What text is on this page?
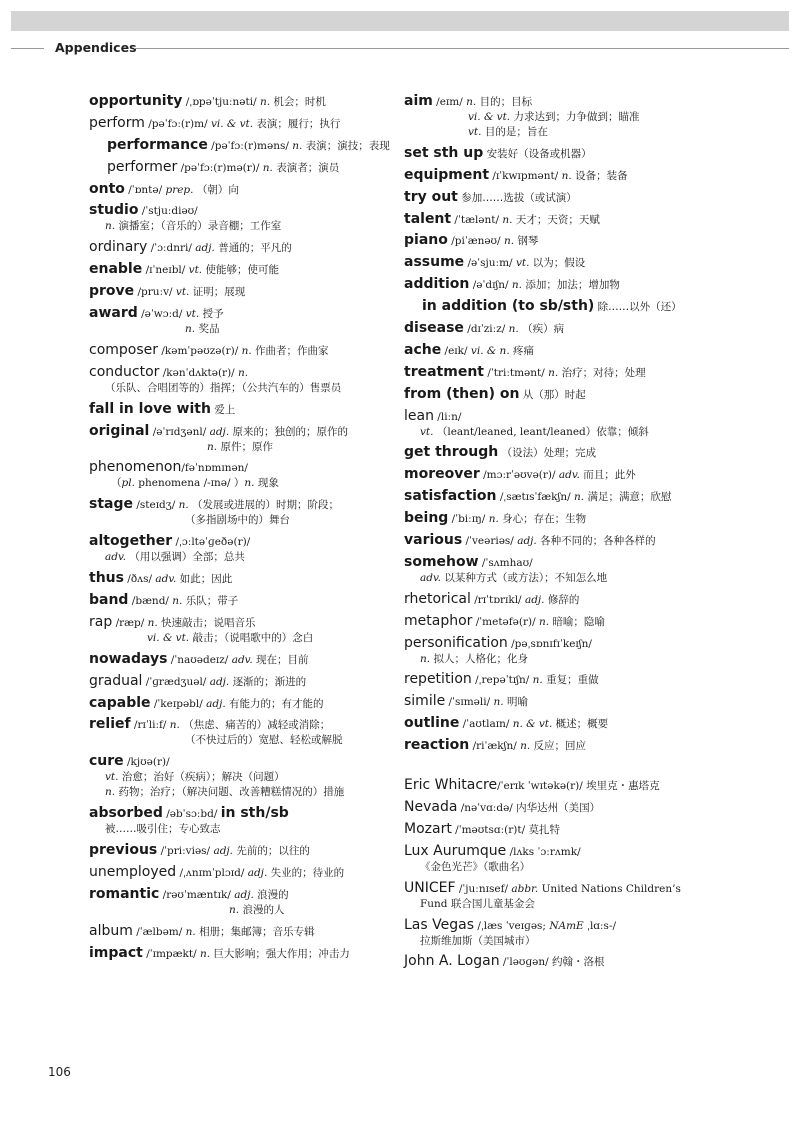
Appendices
opportunity /ˌɒpəˈtjuːnəti/ n. 机会；时机
perform /pəˈfɔː(r)m/ vi. & vt. 表演；履行；执行
performance /pəˈfɔː(r)məns/ n. 表演；演技；表现
performer /pəˈfɔː(r)mə(r)/ n. 表演者；演员
onto /ˈɒntə/ prep. （朝）向
studio /ˈstjuːdiəʊ/
n. 演播室；（音乐的）录音棚；工作室
ordinary /ˈɔːdnri/ adj. 普通的；平凡的
enable /ɪˈneɪbl/ vt. 使能够；使可能
prove /pruːv/ vt. 证明；展现
award /əˈwɔːd/ vt. 授予
n. 奖品
composer /kəmˈpəʊzə(r)/ n. 作曲者；作曲家
conductor /kənˈdʌktə(r)/ n.
（乐队、合唱团等的）指挥；（公共汽车的）售票员
fall in love with 爱上
original /əˈrɪdʒənl/ adj. 原来的；独创的；原作的
n. 原件；原作
phenomenon/fəˈnɒmɪnən/
（pl. phenomena /-ɪnə/ ）n. 现象
stage /steɪdʒ/ n. （发展或进展的）时期；阶段；
（多指剧场中的）舞台
altogether /ˌɔːltəˈɡeðə(r)/
adv. （用以强调）全部；总共
thus /ðʌs/ adv. 如此；因此
band /bænd/ n. 乐队；带子
rap /ræp/ n. 快速敲击；说唱音乐
vi. & vt. 敲击；（说唱歌中的）念白
nowadays /ˈnaʊədeɪz/ adv. 现在；目前
gradual /ˈɡrædʒuəl/ adj. 逐渐的；渐进的
capable /ˈkeɪpəbl/ adj. 有能力的；有才能的
relief /rɪˈliːf/ n. （焦虑、痛苦的）减轻或消除；
（不快过后的）宽慰、轻松或解脱
cure /kjʊə(r)/
vt. 治愈；治好（疾病）；解决（问题）
n. 药物；治疗；（解决问题、改善糟糕情况的）措施
absorbed /əbˈsɔːbd/ in sth/sb
被……吸引住；专心致志
previous /ˈpriːviəs/ adj. 先前的；以往的
unemployed /ˌʌnɪmˈplɔɪd/ adj. 失业的；待业的
romantic /rəʊˈmæntɪk/ adj. 浪漫的
n. 浪漫的人
album /ˈælbəm/ n. 相册；集邮簿；音乐专辑
impact /ˈɪmpækt/ n. 巨大影响；强大作用；冲击力
aim /eɪm/ n. 目的；目标
vi. & vt. 力求达到；力争做到；瞄准
vt. 目的是；旨在
set sth up 安装好（设备或机器）
equipment /ɪˈkwɪpmənt/ n. 设备；装备
try out 参加……选拔（或试演）
talent /ˈtælənt/ n. 天才；天资；天赋
piano /piˈænəʊ/ n. 钢琴
assume /əˈsjuːm/ vt. 以为；假设
addition /əˈdɪʃn/ n. 添加；加法；增加物
in addition (to sb/sth) 除……以外（还）
disease /dɪˈziːz/ n. （疾）病
ache /eɪk/ vi. & n. 疼痛
treatment /ˈtriːtmənt/ n. 治疗；对待；处理
from (then) on 从（那）时起
lean /liːn/
vt. （leant/leaned, leant/leaned）依靠；倾斜
get through （设法）处理；完成
moreover /mɔːrˈəʊvə(r)/ adv. 而且；此外
satisfaction /ˌsætɪsˈfækʃn/ n. 满足；满意；欣慰
being /ˈbiːɪŋ/ n. 身心；存在；生物
various /ˈveəriəs/ adj. 各种不同的；各种各样的
somehow /ˈsʌmhaʊ/
adv. 以某种方式（或方法）；不知怎么地
rhetorical /rɪˈtɒrɪkl/ adj. 修辞的
metaphor /ˈmetəfə(r)/ n. 暗喻；隐喻
personification /pəˌsɒnɪfɪˈkeɪʃn/
n. 拟人；人格化；化身
repetition /ˌrepəˈtɪʃn/ n. 重复；重做
simile /ˈsɪməli/ n. 明喻
outline /ˈaʊtlaɪn/ n. & vt. 概述；概要
reaction /riˈækʃn/ n. 反应；回应
Eric Whitacre/ˈerɪk ˈwɪtəkə(r)/ 埃里克・惠塔克
Nevada /nəˈvɑːdə/ 内华达州（美国）
Mozart /ˈməʊtsɑː(r)t/ 莫扎特
Lux Aurumque /lʌks ˈɔːrʌmk/
《金色光芒》（歌曲名）
UNICEF /ˈjuːnɪsef/ abbr. United Nations Children’s
Fund 联合国儿童基金会
Las Vegas /ˌlæs ˈveɪɡəs; NAmE ˌlɑːs-/
拉斯维加斯（美国城市）
John A. Logan /ˈləʊɡən/ 约翰・洛根
106
